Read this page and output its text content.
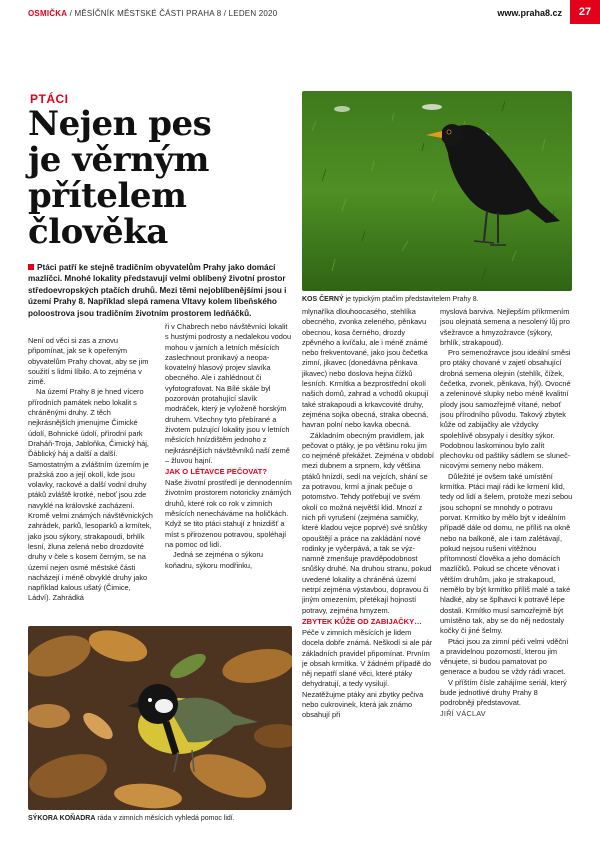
OSMIČKA / MĚSÍČNÍK MĚSTSKÉ ČÁSTI PRAHA 8 / LEDEN 2020	www.praha8.cz	27
PTÁCI
Nejen pes
je věrným
přítelem
člověka
KOS ČERNÝ je typickým ptačím představitelem Prahy 8.
Ptáci patří ke stejně tradičním obyvatelům Prahy jako domácí mazlíčci. Mnohé lokality představují velmi oblíbený životní prostor středoevropských ptačích druhů. Mezi těmi nejoblíbenějšími jsou i území Prahy 8. Například slepá ramena Vltavy kolem libeňského poloostrova jsou tradičním životním prostorem ledňáčků.

Není od věci si zas a znovu připomínat, jak se k opeřeným obyvatelům Prahy chovat, aby se jim soužití s lidmi líbilo. A to zejména v zimě.

Na území Prahy 8 je hned vícero přírodních památek nebo lokalit s chráněnými druhy. Z těch nejkrásnějších jmenujme Čimické údolí, Bohnické údolí, přírodní park Draháň-Troja, Jabloňka, Čimický háj, Ďáblický háj a další a další. Samostatným a zvláštním územím je pražská zoo a její okolí, kde jsou volavky, rackové a další vodní druhy ptáků zvláště krotké, neboť jsou zde navyklé na královské zacházení. Kromě velmi známých návštěvnických zahrádek, parků, lesoparků a krmítek, jako jsou sýkory, strakapoudi, brhlík lesní, žluna zelená nebo drozdovité druhy v čele s kosem černým, se na území nejen osmé městské části nacházejí i méně obvyklé druhy jako například kalous ušatý (Čimice, Ládví). Zahrádká

ři v Chabrech nebo návštěvníci lokalit s hustými podrosty a nedalekou vodou mohou v jarních a letních měsících zaslechnout pronikavý a neopakovatelný hlasový projev slavíka obecného. Ale i zahlédnout či vyfotografovat. Na Bílé skále byl pozorován protahující slavík modráček, který je vyloženě horským druhem. Všechny tyto přebírané a životem pulzující lokality jsou v letních měsících hnízdištěm jednoho z nejkrásnějších návštěvníků naší země – žluvou hajní.

JAK O LÉTAVCE PEČOVAT?

Naše životní prostředí je dennodenním životním prostorem notoricky známých druhů, které rok co rok v zimních měsících nenecháváme na holičkách. Když se tito ptáci stahují z hnizdišť a míst s přirozenou potravou, spoléhají na pomoc od lidí.

Jedná se zejména o sýkoru koňadru, sýkoru modřinku,

SÝKORA KOŇADRA ráda v zimních měsících vyhledá pomoc lidí.

mlynaříka dlouhoocasého, stehlíka obecného, zvonka zeleného, pěnkavu obecnou, kosa černého, drozdy zpěvného a kvíčalu, ale i méně známé nebo frekventované, jako jsou čečetka zimní, jikavec (donedávna pěnkava jikavec) nebo doslova hejna čížků lesních. Krmítka a bezprostřední okolí našich domů, zahrad a vchodů okupují také strakapoudi a krkavcovité druhy, zejména sojka obecná, straka obecná, havran polní nebo kavka obecná.

Základním obecným pravidlem, jak pečovat o ptáky, je po většinu roku jim co nejméně překážet. Zejména v období mezi dubnem a srpnem, kdy většina ptáků hnízdí, sedí na vejcích, shání se za potravou, krmí a jinak pečuje o potomstvo. Tehdy potřebují ve svém okolí co možná největší klid. Mnozí z nich při vyrušení (zejména samičky, které kladou vejce poprvé) své snůšky opouštějí a práce na zakládání nové rodinky je vyčerpává, a tak se významně zmenšuje pravděpodobnost snůšky druhé. Na druhou stranu, pokud uvedené lokality a chráněná území netrpí zejména výstavbou, dopravou či jiným omezením, přetékají hojností potravy, zejména hmyzem.

ZBYTEK KŮŽE OD ZABIJAČKY…

Péče v zimních měsících je lidem docela dobře známá. Neškodí si ale pár základních pravidel připomínat. Prvním je obsah krmítka. V žádném případě do něj nepatří slané věci, které ptáky dehydratují, a tedy vysilují. Nezatěžujme ptáky ani zbytky pečiva nebo cukrovinek, která jak známo obsahují při

myslová barviva. Nejlepším příkrmením jsou olejnatá semena a nesolený lůj pro všežravce a hmyzožravce (sýkory, brhlík, strakapoud).

Pro semenožravce jsou ideální směsi pro ptáky chované v zajetí obsahující drobná semena olejnin (stehlík, čížek, čečetka, zvonek, pěnkava, hýl). Ovocné a zeleninové slupky nebo méně kvalitní plody jsou samozřejmě vítané, neboť jsou přírodního původu. Takový zbytek kůže od zabijačky ale vždycky spolehlivě obsypaly i desítky sýkor. Podobnou laskominou bylo zalít plechovku od paštiky sádlem se slunečnicovými semeny nebo mákem.

Důležité je ovšem také umístění krmítka. Ptáci mají rádi ke krmení klid, tedy od lidí a šelem, protože mezi sebou jsou schopní se mnohdy o potravu porvat. Krmítko by mělo být v ideálním případě dále od domu, ne příliš na okně nebo na balkoně, ale i tam zalétávají, pokud nejsou rušeni vítěžnou přítomností člověka a jeho domácích mazlíčků. Pokud se chcete věnovat i větším druhům, jako je strakapoud, nemělo by být krmítko příliš malé a také hladké, aby se šplhavci k potravě lépe dostali. Krmítko musí samozřejmě být umístěno tak, aby se do něj nedostaly kočky či jiné šelmy.

Ptáci jsou za zimní péči velmi vděční a pravidelnou pozorností, kterou jim věnujete, si budou pamatovat po generace a budou se vždy rádi vracet.

V příštím čísle zahájíme seriál, který bude jednotlivé druhy Prahy 8 podrobněji představovat.

JIŘÍ VÁCLAV
